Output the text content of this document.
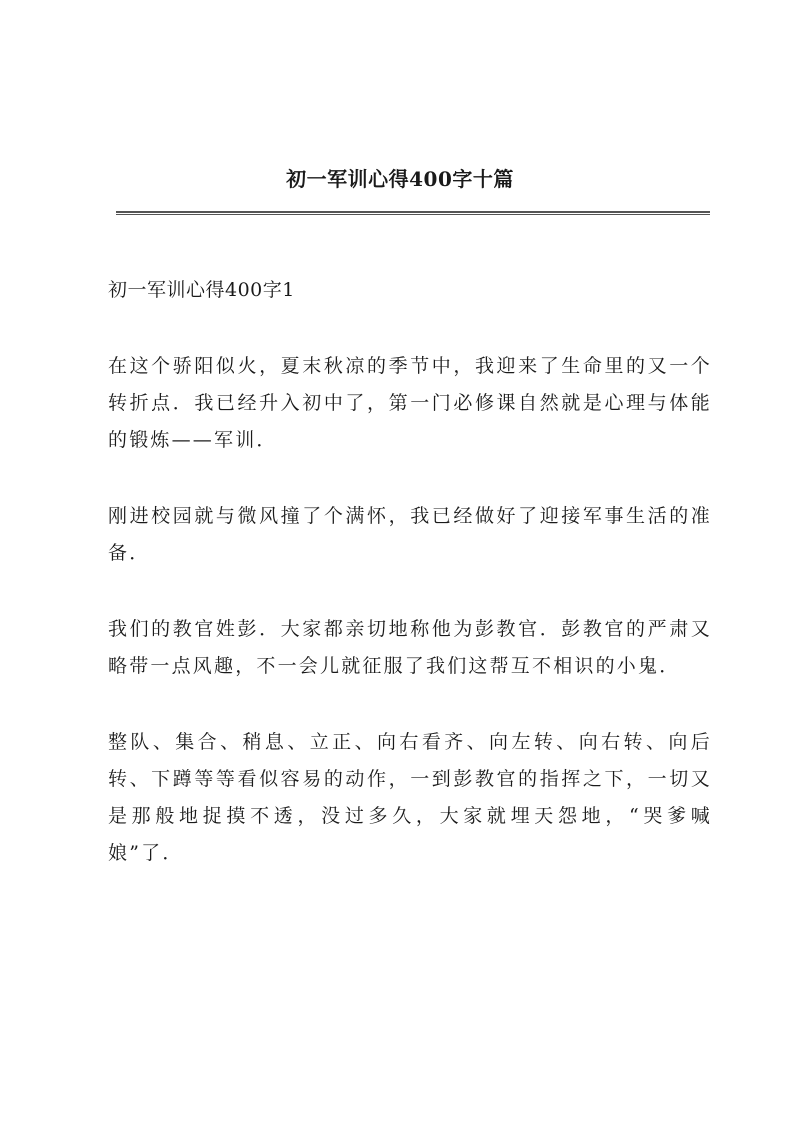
初一军训心得400字十篇

初一军训心得400字1

在这个骄阳似火，夏末秋凉的季节中，我迎来了生命里的又一个转折点．我已经升入初中了，第一门必修课自然就是心理与体能的锻炼——军训．

刚进校园就与微风撞了个满怀，我已经做好了迎接军事生活的准备．

我们的教官姓彭．大家都亲切地称他为彭教官．彭教官的严肃又略带一点风趣，不一会儿就征服了我们这帮互不相识的小鬼．

整队、集合、稍息、立正、向右看齐、向左转、向右转、向后转、下蹲等等看似容易的动作，一到彭教官的指挥之下，一切又是那般地捉摸不透，没过多久，大家就埋天怨地，“哭爹喊娘”了．
